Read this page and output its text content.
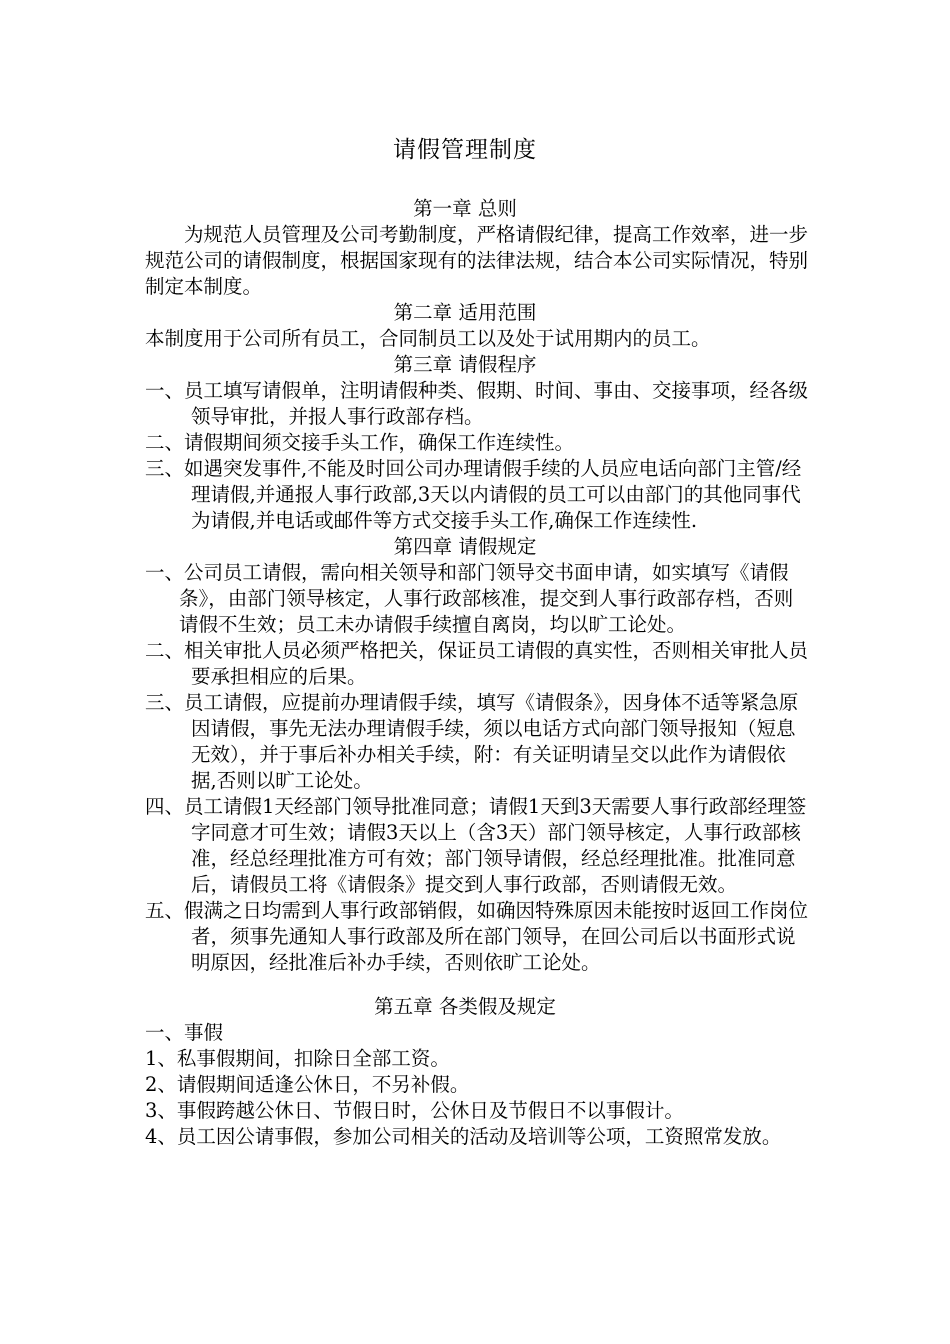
请假管理制度
第一章 总则
为规范人员管理及公司考勤制度，严格请假纪律，提高工作效率，进一步规范公司的请假制度，根据国家现有的法律法规，结合本公司实际情况，特别制定本制度。
第二章 适用范围
本制度用于公司所有员工，合同制员工以及处于试用期内的员工。
第三章 请假程序
一、员工填写请假单，注明请假种类、假期、时间、事由、交接事项，经各级领导审批，并报人事行政部存档。
二、请假期间须交接手头工作，确保工作连续性。
三、如遇突发事件,不能及时回公司办理请假手续的人员应电话向部门主管/经理请假,并通报人事行政部,3天以内请假的员工可以由部门的其他同事代为请假,并电话或邮件等方式交接手头工作,确保工作连续性.
第四章 请假规定
一、公司员工请假，需向相关领导和部门领导交书面申请，如实填写《请假条》，由部门领导核定，人事行政部核准，提交到人事行政部存档，否则请假不生效；员工未办请假手续擅自离岗，均以旷工论处。
二、相关审批人员必须严格把关，保证员工请假的真实性，否则相关审批人员要承担相应的后果。
三、员工请假，应提前办理请假手续，填写《请假条》，因身体不适等紧急原因请假，事先无法办理请假手续，须以电话方式向部门领导报知（短息无效），并于事后补办相关手续，附：有关证明请呈交以此作为请假依据,否则以旷工论处。
四、员工请假1天经部门领导批准同意；请假1天到3天需要人事行政部经理签字同意才可生效；请假3天以上（含3天）部门领导核定，人事行政部核准，经总经理批准方可有效；部门领导请假，经总经理批准。批准同意后，请假员工将《请假条》提交到人事行政部，否则请假无效。
五、假满之日均需到人事行政部销假，如确因特殊原因未能按时返回工作岗位者，须事先通知人事行政部及所在部门领导，在回公司后以书面形式说明原因，经批准后补办手续，否则依旷工论处。
第五章 各类假及规定
一、事假
1、私事假期间，扣除日全部工资。
2、请假期间适逢公休日，不另补假。
3、事假跨越公休日、节假日时，公休日及节假日不以事假计。
4、员工因公请事假，参加公司相关的活动及培训等公项，工资照常发放。
